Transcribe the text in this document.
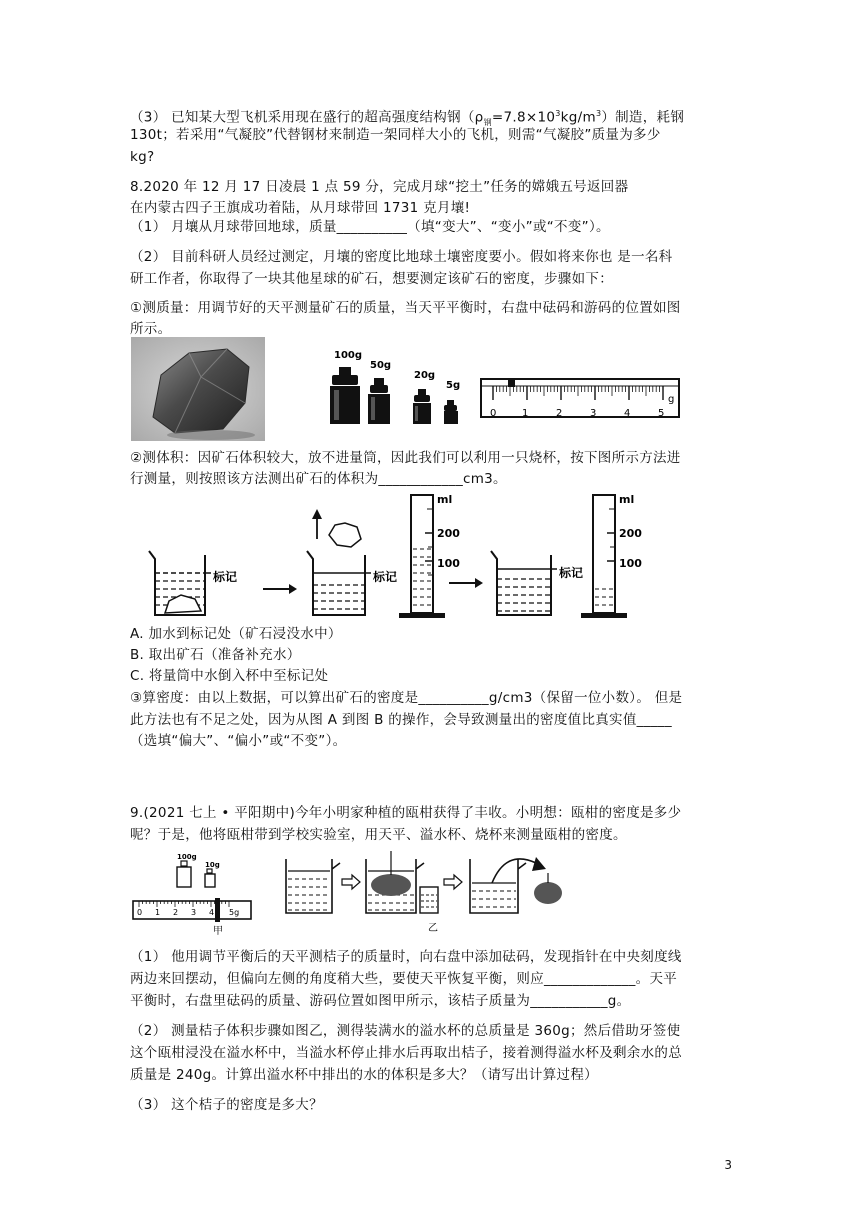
（3） 已知某大型飞机采用现在盛行的超高强度结构钢$(\rho_钢=7.8\times 10^3kg/m^3)$制造，耗钢
130t；若采用“气凝胶”代替钢材来制造一架同样大小的飞机，则需“气凝胶”质量为多少
kg?
8.2020 年 12 月 17 日凌晨 1 点 59 分，完成月球“挖土”任务的嫦娥五号返回器
在内蒙古四子王旗成功着陆，从月球带回 1731 克月壤!
（1） 月壤从月球带回地球，质量__________（填“变大”、“变小”或“不变”）。
（2） 目前科研人员经过测定，月壤的密度比地球土壤密度要小。假如将来你也 是一名科
研工作者，你取得了一块其他星球的矿石，想要测定该矿石的密度，步骤如下：
①测质量：用调节好的天平测量矿石的质量，当天平平衡时，右盘中砝码和游码的位置如图
所示。
100g
50g
20g
5g
0	1	2	3	4	5
g
②测体积：因矿石体积较大，放不进量筒，因此我们可以利用一只烧杯，按下图所示方法进
行测量，则按照该方法测出矿石的体积为____________cm3。
标记	标记
ml
200
100
标记
ml
200
100
A. 加水到标记处（矿石浸没水中）
B. 取出矿石（准备补充水）
C. 将量筒中水倒入杯中至标记处
③算密度：由以上数据，可以算出矿石的密度是__________g/cm3（保留一位小数）。 但是
此方法也有不足之处，因为从图 A 到图 B 的操作，会导致测量出的密度值比真实值_____
（选填“偏大”、“偏小”或“不变”）。
9.(2021 七上 • 平阳期中)今年小明家种植的瓯柑获得了丰收。小明想：瓯柑的密度是多少
呢？于是，他将瓯柑带到学校实验室，用天平、溢水杯、烧杯来测量瓯柑的密度。
100g
10g
0 1 2 3 4 5g
甲	乙
（1） 他用调节平衡后的天平测桔子的质量时，向右盘中添加砝码，发现指针在中央刻度线
两边来回摆动，但偏向左侧的角度稍大些，要使天平恢复平衡，则应_____________。天平
平衡时，右盘里砝码的质量、游码位置如图甲所示，该桔子质量为___________g。
（2） 测量桔子体积步骤如图乙，测得装满水的溢水杯的总质量是 360g；然后借助牙签使
这个瓯柑浸没在溢水杯中，当溢水杯停止排水后再取出桔子，接着测得溢水杯及剩余水的总
质量是 240g。计算出溢水杯中排出的水的体积是多大？（请写出计算过程）
（3） 这个桔子的密度是多大？
3
